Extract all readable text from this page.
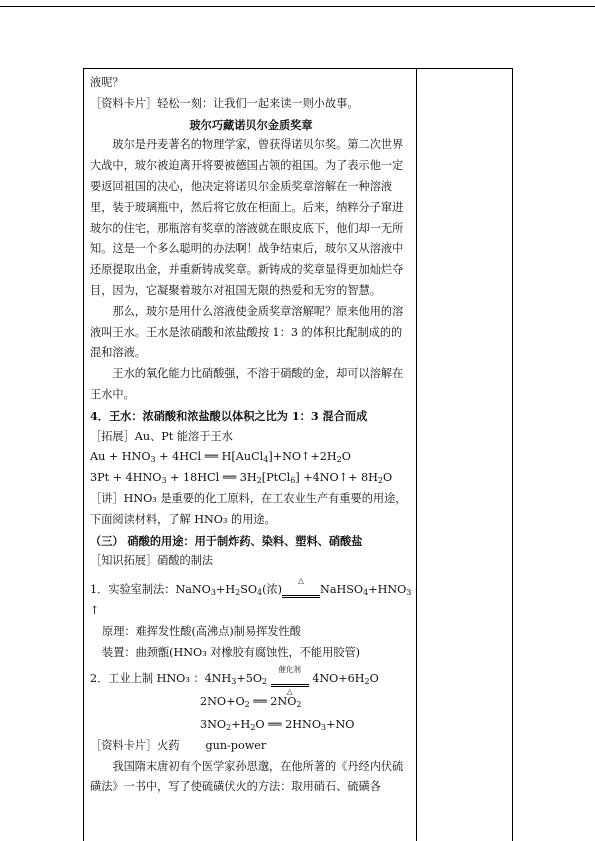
液呢？

［资料卡片］轻松一刻：让我们一起来读一则小故事。

玻尔巧藏诺贝尔金质奖章

玻尔是丹麦著名的物理学家，曾获得诺贝尔奖。第二次世界大战中，玻尔被迫离开将要被德国占领的祖国。为了表示他一定要返回祖国的决心，他决定将诺贝尔金质奖章溶解在一种溶液里，装于玻璃瓶中，然后将它放在柜面上。后来，纳粹分子窜进玻尔的住宅，那瓶溶有奖章的溶液就在眼皮底下，他们却一无所知。这是一个多么聪明的办法啊！战争结束后，玻尔又从溶液中还原提取出金，并重新铸成奖章。新铸成的奖章显得更加灿烂夺目，因为，它凝聚着玻尔对祖国无限的热爱和无穷的智慧。

那么，玻尔是用什么溶液使金质奖章溶解呢？原来他用的溶液叫王水。王水是浓硝酸和浓盐酸按 1：3 的体积比配制成的的混和溶液。

王水的氧化能力比硝酸强，不溶于硝酸的金，却可以溶解在王水中。

4．王水：浓硝酸和浓盐酸以体积之比为 1：3 混合而成

［拓展］Au、Pt 能溶于王水

$Au + HNO_3 + 4HCl$ ══ $H[AuCl_4]+NO↑+2H_2O$

$3Pt + 4HNO_3 + 18HCl$ ══ $3H_2[PtCl_6]$ +4NO↑+ $8H_2O$

［讲］HNO₃ 是重要的化工原料，在工农业生产有重要的用途，下面阅读材料，了解 HNO₃ 的用途。

（三） 硝酸的用途：用于制炸药、染料、塑料、硝酸盐

［知识拓展］硝酸的制法

1．实验室制法：$NaNO_3+H_2SO_4$(浓)
△
$NaHSO_4+HNO_3$ ↑

原理：难挥发性酸(高沸点)制易挥发性酸

装置：曲颈甑(HNO₃ 对橡胶有腐蚀性，不能用胶管)

2．工业上制 HNO₃ ：$4NH_3+5O_2$
催化剂
△
$4NO+6H_2O$

$2NO+O_2$ ══ $2NO_2$

$3NO_2+H_2O$ ══ $2HNO_3+NO$

［资料卡片］火药　　 gun-power

我国隋末唐初有个医学家孙思邈，在他所著的《丹经内伏硫磺法》一书中，写了使硫磺伏火的方法：取用硝石、硫磺各
